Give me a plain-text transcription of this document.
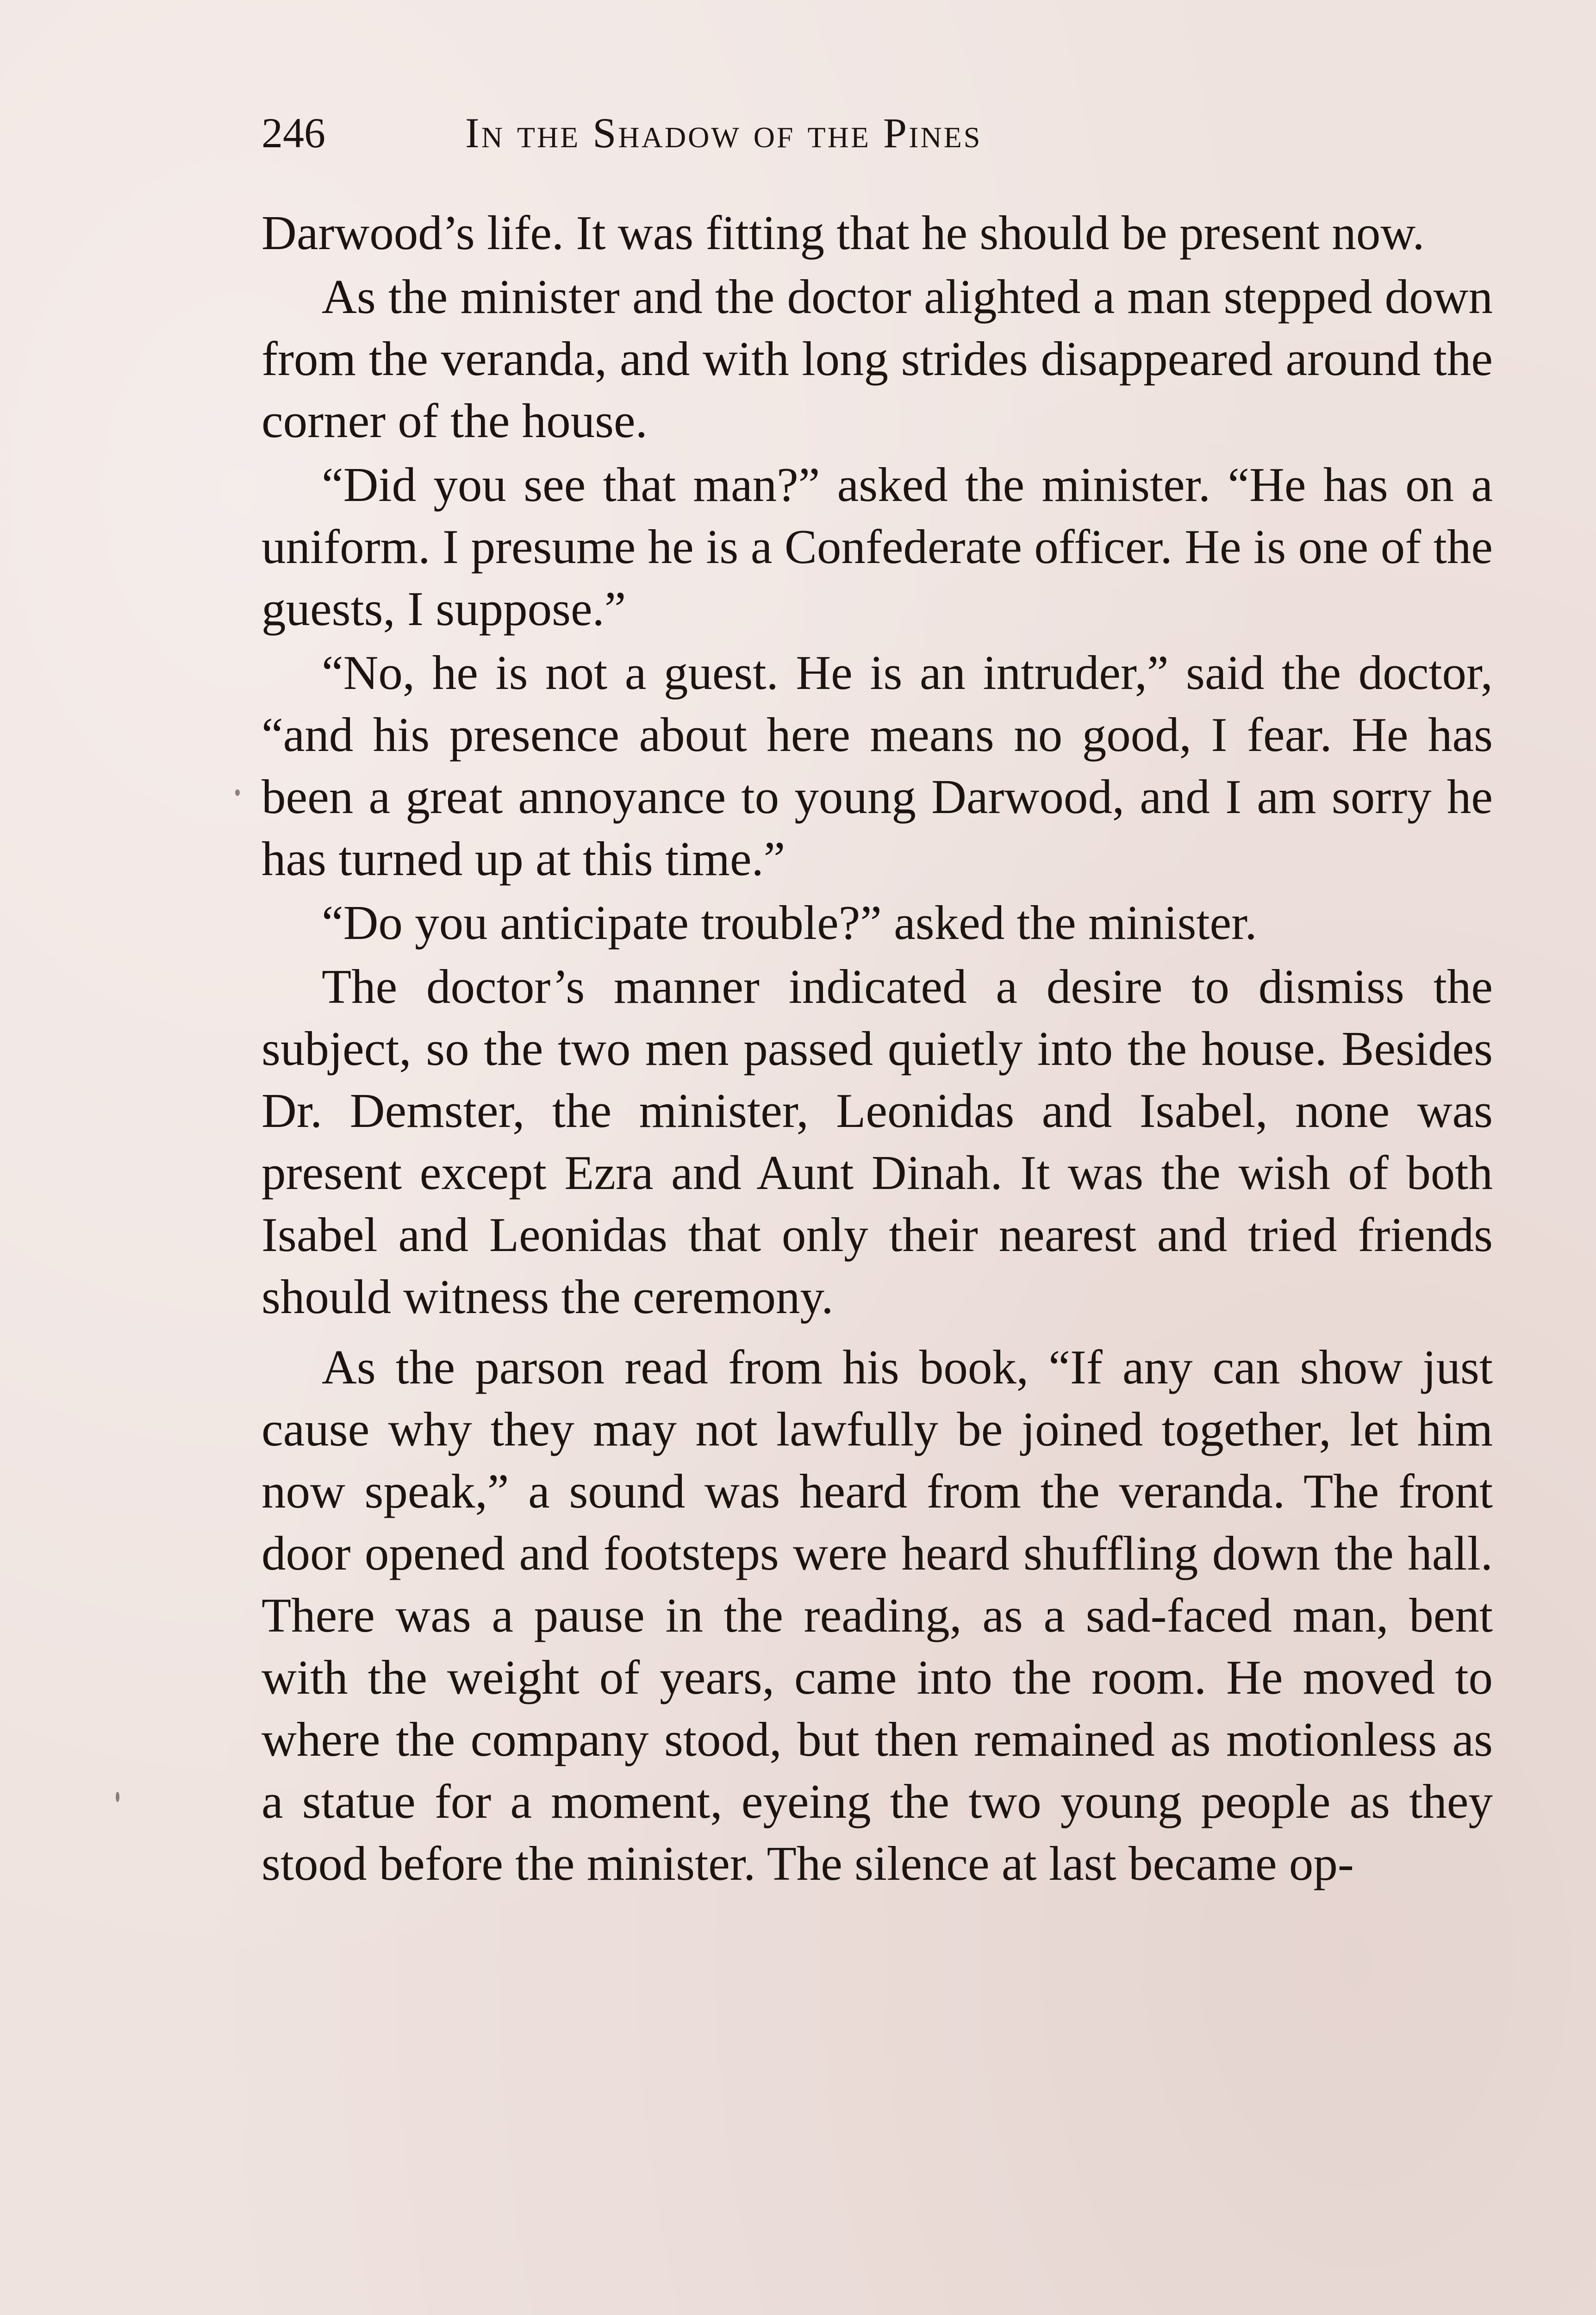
246	In the Shadow of the Pines

Darwood’s life. It was fitting that he should be present now.

As the minister and the doctor alighted a man stepped down from the veranda, and with long strides disappeared around the corner of the house.

“Did you see that man?” asked the minister. “He has on a uniform. I presume he is a Confederate officer. He is one of the guests, I suppose.”

“No, he is not a guest. He is an intruder,” said the doctor, “and his presence about here means no good, I fear. He has been a great annoyance to young Darwood, and I am sorry he has turned up at this time.”

“Do you anticipate trouble?” asked the minister.

The doctor’s manner indicated a desire to dismiss the subject, so the two men passed quietly into the house. Besides Dr. Demster, the minister, Leonidas and Isabel, none was present except Ezra and Aunt Dinah. It was the wish of both Isabel and Leonidas that only their nearest and tried friends should witness the ceremony.

As the parson read from his book, “If any can show just cause why they may not lawfully be joined together, let him now speak,” a sound was heard from the veranda. The front door opened and footsteps were heard shuffling down the hall. There was a pause in the reading, as a sad-faced man, bent with the weight of years, came into the room. He moved to where the company stood, but then remained as motionless as a statue for a moment, eyeing the two young people as they stood before the minister. The silence at last became op-
